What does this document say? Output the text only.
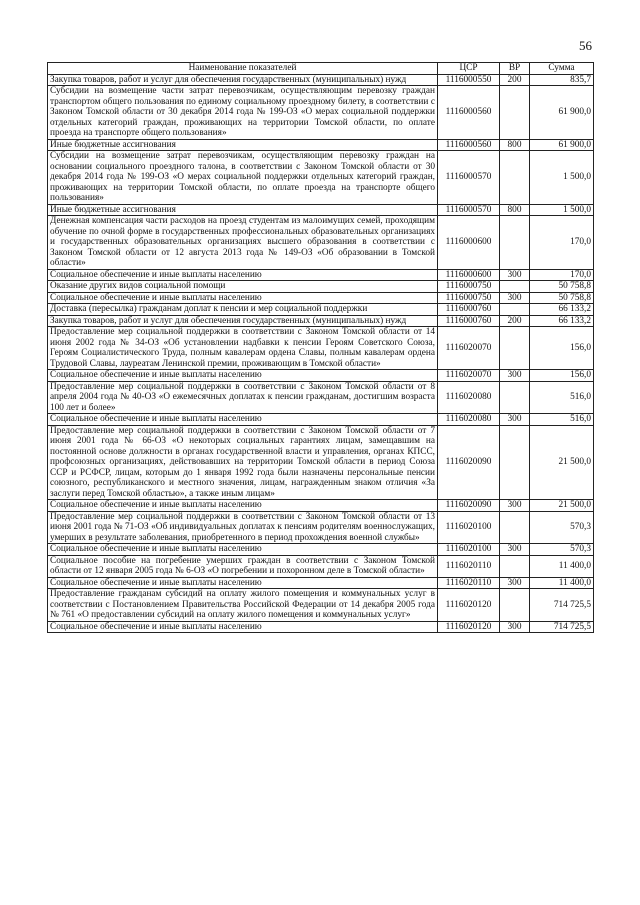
56
Наименование показателей	ЦСР	ВР	Сумма
Закупка товаров, работ и услуг для обеспечения государственных (муниципальных) нужд	1116000550	200	835,7
Субсидии на возмещение части затрат перевозчикам, осуществляющим перевозку граждан транспортом общего пользования по единому социальному проездному билету, в соответствии с Законом Томской области от 30 декабря 2014 года № 199-ОЗ «О мерах социальной поддержки отдельных категорий граждан, проживающих на территории Томской области, по оплате проезда на транспорте общего пользования»	1116000560		61 900,0
Иные бюджетные ассигнования	1116000560	800	61 900,0
Субсидии на возмещение затрат перевозчикам, осуществляющим перевозку граждан на основании социального проездного талона, в соответствии с Законом Томской области от 30 декабря 2014 года № 199-ОЗ «О мерах социальной поддержки отдельных категорий граждан, проживающих на территории Томской области, по оплате проезда на транспорте общего пользования»	1116000570		1 500,0
Иные бюджетные ассигнования	1116000570	800	1 500,0
Денежная компенсация части расходов на проезд студентам из малоимущих семей, проходящим обучение по очной форме в государственных профессиональных образовательных организациях и государственных образовательных организациях высшего образования в соответствии с Законом Томской области от 12 августа 2013 года № 149-ОЗ «Об образовании в Томской области»	1116000600		170,0
Социальное обеспечение и иные выплаты населению	1116000600	300	170,0
Оказание других видов социальной помощи	1116000750		50 758,8
Социальное обеспечение и иные выплаты населению	1116000750	300	50 758,8
Доставка (пересылка) гражданам доплат к пенсии и мер социальной поддержки	1116000760		66 133,2
Закупка товаров, работ и услуг для обеспечения государственных (муниципальных) нужд	1116000760	200	66 133,2
Предоставление мер социальной поддержки в соответствии с Законом Томской области от 14 июня 2002 года № 34-ОЗ «Об установлении надбавки к пенсии Героям Советского Союза, Героям Социалистического Труда, полным кавалерам ордена Славы, полным кавалерам ордена Трудовой Славы, лауреатам Ленинской премии, проживающим в Томской области»	1116020070		156,0
Социальное обеспечение и иные выплаты населению	1116020070	300	156,0
Предоставление мер социальной поддержки в соответствии с Законом Томской области от 8 апреля 2004 года № 40-ОЗ «О ежемесячных доплатах к пенсии гражданам, достигшим возраста 100 лет и более»	1116020080		516,0
Социальное обеспечение и иные выплаты населению	1116020080	300	516,0
Предоставление мер социальной поддержки в соответствии с Законом Томской области от 7 июня 2001 года № 66-ОЗ «О некоторых социальных гарантиях лицам, замещавшим на постоянной основе должности в органах государственной власти и управления, органах КПСС, профсоюзных организациях, действовавших на территории Томской области в период Союза ССР и РСФСР, лицам, которым до 1 января 1992 года были назначены персональные пенсии союзного, республиканского и местного значения, лицам, награжденным знаком отличия «За заслуги перед Томской областью», а также иным лицам»	1116020090		21 500,0
Социальное обеспечение и иные выплаты населению	1116020090	300	21 500,0
Предоставление мер социальной поддержки в соответствии с Законом Томской области от 13 июня 2001 года № 71-ОЗ «Об индивидуальных доплатах к пенсиям родителям военнослужащих, умерших в результате заболевания, приобретенного в период прохождения военной службы»	1116020100		570,3
Социальное обеспечение и иные выплаты населению	1116020100	300	570,3
Социальное пособие на погребение умерших граждан в соответствии с Законом Томской области от 12 января 2005 года № 6-ОЗ «О погребении и похоронном деле в Томской области»	1116020110		11 400,0
Социальное обеспечение и иные выплаты населению	1116020110	300	11 400,0
Предоставление гражданам субсидий на оплату жилого помещения и коммунальных услуг в соответствии с Постановлением Правительства Российской Федерации от 14 декабря 2005 года № 761 «О предоставлении субсидий на оплату жилого помещения и коммунальных услуг»	1116020120		714 725,5
Социальное обеспечение и иные выплаты населению	1116020120	300	714 725,5
